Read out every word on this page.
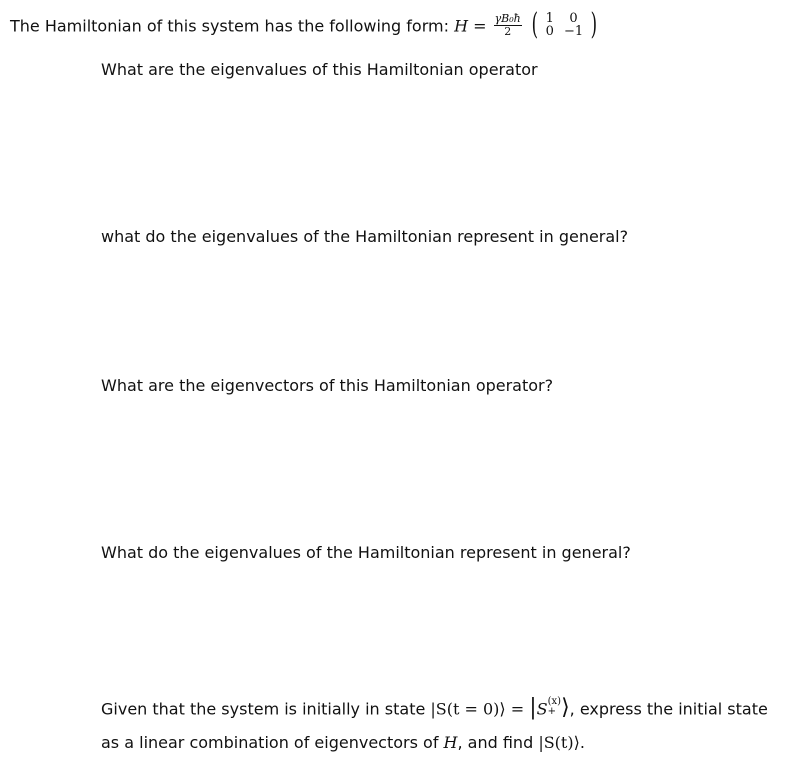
The Hamiltonian of this system has the following form: $H = \frac{\text{γB₀ħ}}{2}$ ( 1	0
0 −1 )
What are the eigenvalues of this Hamiltonian operator
what do the eigenvalues of the Hamiltonian represent in general?
What are the eigenvectors of this Hamiltonian operator?
What do the eigenvalues of the Hamiltonian represent in general?
Given that the system is initially in state |S(t = 0)⟩ = |S (x)
+ ⟩, express the initial state
as a linear combination of eigenvectors of H, and find |S(t)⟩.
